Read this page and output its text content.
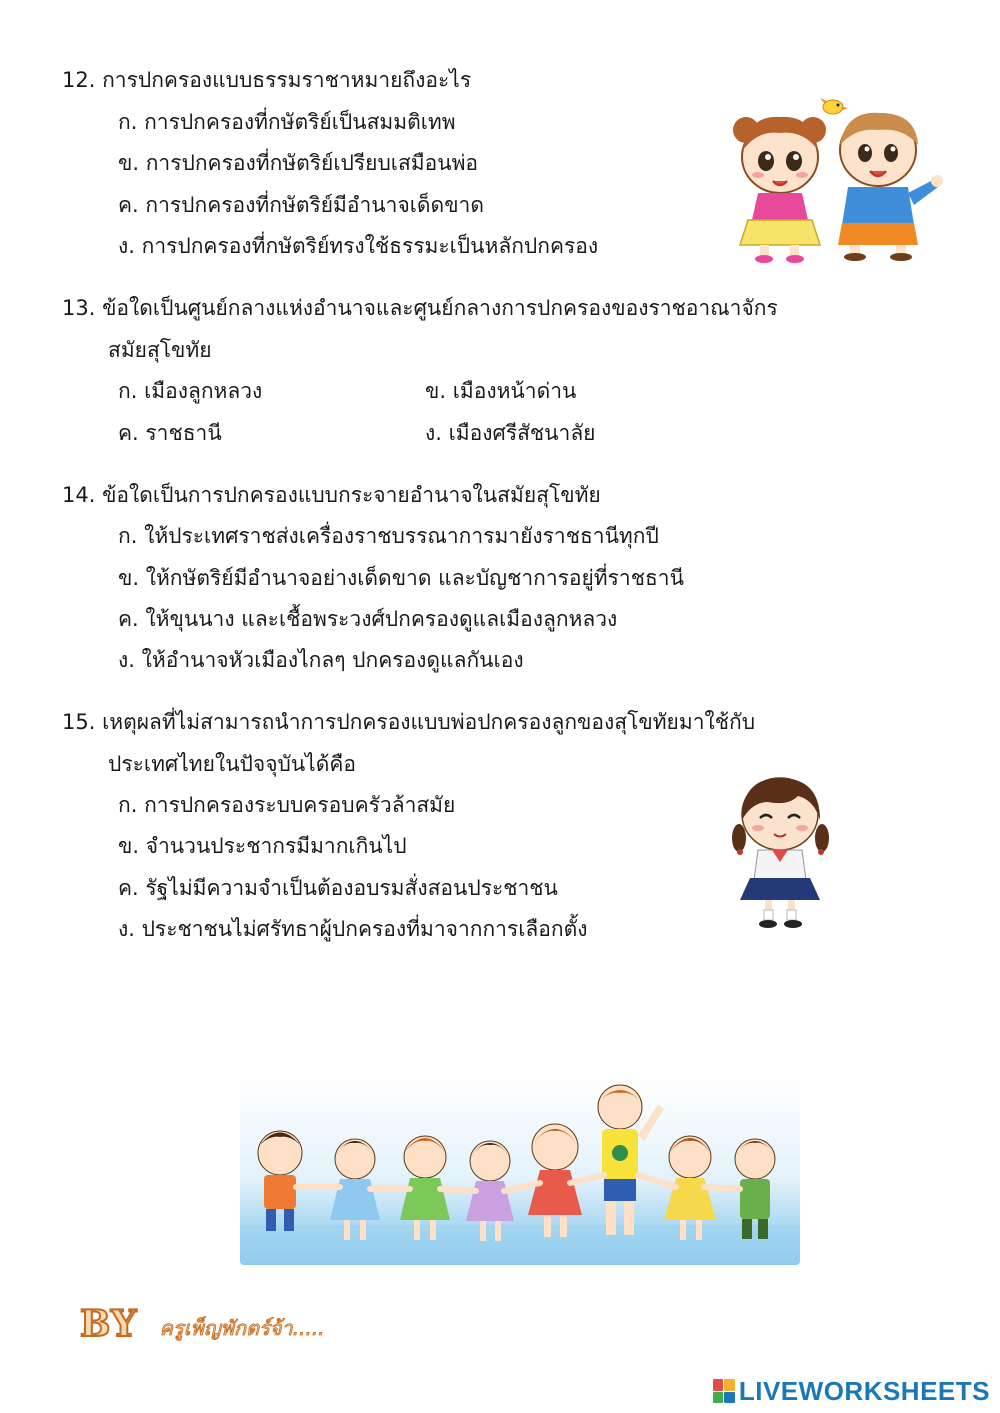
12. การปกครองแบบธรรมราชาหมายถึงอะไร
ก. การปกครองที่กษัตริย์เป็นสมมติเทพ
ข. การปกครองที่กษัตริย์เปรียบเสมือนพ่อ
ค. การปกครองที่กษัตริย์มีอำนาจเด็ดขาด
ง. การปกครองที่กษัตริย์ทรงใช้ธรรมะเป็นหลักปกครอง
13. ข้อใดเป็นศูนย์กลางแห่งอำนาจและศูนย์กลางการปกครองของราชอาณาจักร
สมัยสุโขทัย
ก. เมืองลูกหลวง	ข. เมืองหน้าด่าน
ค. ราชธานี	ง. เมืองศรีสัชนาลัย
14. ข้อใดเป็นการปกครองแบบกระจายอำนาจในสมัยสุโขทัย
ก. ให้ประเทศราชส่งเครื่องราชบรรณาการมายังราชธานีทุกปี
ข. ให้กษัตริย์มีอำนาจอย่างเด็ดขาด และบัญชาการอยู่ที่ราชธานี
ค. ให้ขุนนาง และเชื้อพระวงศ์ปกครองดูแลเมืองลูกหลวง
ง. ให้อำนาจหัวเมืองไกลๆ ปกครองดูแลกันเอง
15. เหตุผลที่ไม่สามารถนำการปกครองแบบพ่อปกครองลูกของสุโขทัยมาใช้กับ
ประเทศไทยในปัจจุบันได้คือ
ก. การปกครองระบบครอบครัวล้าสมัย
ข. จำนวนประชากรมีมากเกินไป
ค. รัฐไม่มีความจำเป็นต้องอบรมสั่งสอนประชาชน
ง. ประชาชนไม่ศรัทธาผู้ปกครองที่มาจากการเลือกตั้ง
BY ครูเพ็ญพักตร์จ้า.....
LIVEWORKSHEETS
